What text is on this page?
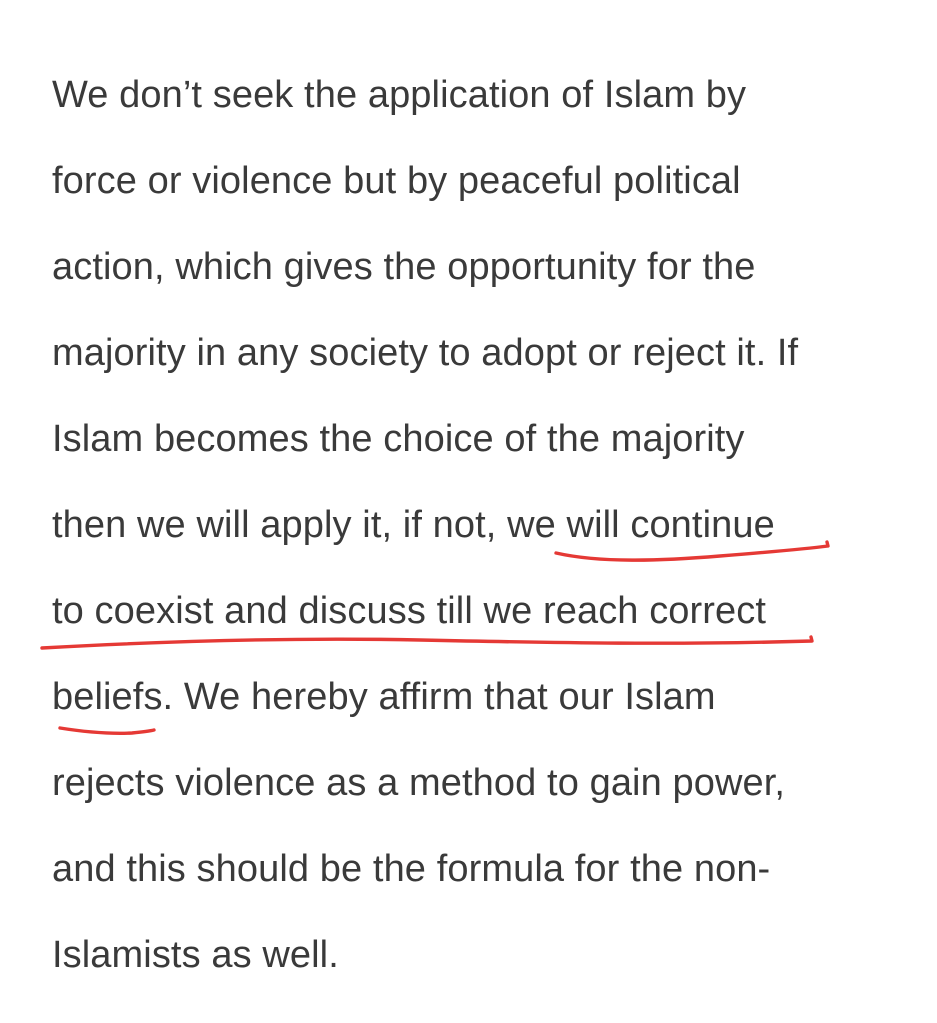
We don’t seek the application of Islam by
force or violence but by peaceful political
action, which gives the opportunity for the
majority in any society to adopt or reject it. If
Islam becomes the choice of the majority
then we will apply it, if not, we will continue
to coexist and discuss till we reach correct
beliefs. We hereby affirm that our Islam
rejects violence as a method to gain power,
and this should be the formula for the non-
Islamists as well.
